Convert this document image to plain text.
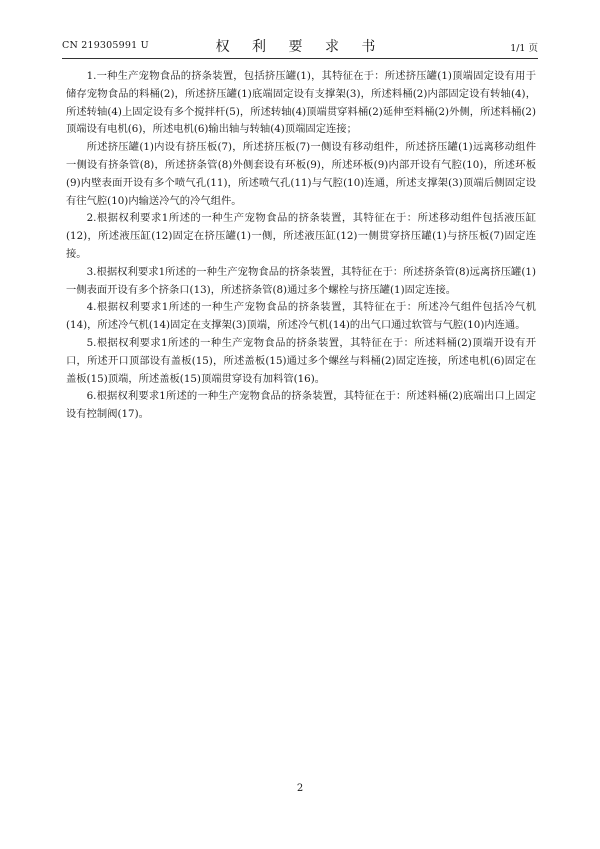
CN 219305991 U	权 利 要 求 书	1/1 页

1.一种生产宠物食品的挤条装置，包括挤压罐(1)，其特征在于：所述挤压罐(1)顶端固定设有用于储存宠物食品的料桶(2)，所述挤压罐(1)底端固定设有支撑架(3)，所述料桶(2)内部固定设有转轴(4)，所述转轴(4)上固定设有多个搅拌杆(5)，所述转轴(4)顶端贯穿料桶(2)延伸至料桶(2)外侧，所述料桶(2)顶端设有电机(6)，所述电机(6)输出轴与转轴(4)顶端固定连接；

所述挤压罐(1)内设有挤压板(7)，所述挤压板(7)一侧设有移动组件，所述挤压罐(1)远离移动组件一侧设有挤条管(8)，所述挤条管(8)外侧套设有环板(9)，所述环板(9)内部开设有气腔(10)，所述环板(9)内壁表面开设有多个喷气孔(11)，所述喷气孔(11)与气腔(10)连通，所述支撑架(3)顶端后侧固定设有往气腔(10)内输送冷气的冷气组件。

2.根据权利要求1所述的一种生产宠物食品的挤条装置，其特征在于：所述移动组件包括液压缸(12)，所述液压缸(12)固定在挤压罐(1)一侧，所述液压缸(12)一侧贯穿挤压罐(1)与挤压板(7)固定连接。

3.根据权利要求1所述的一种生产宠物食品的挤条装置，其特征在于：所述挤条管(8)远离挤压罐(1)一侧表面开设有多个挤条口(13)，所述挤条管(8)通过多个螺栓与挤压罐(1)固定连接。

4.根据权利要求1所述的一种生产宠物食品的挤条装置，其特征在于：所述冷气组件包括冷气机(14)，所述冷气机(14)固定在支撑架(3)顶端，所述冷气机(14)的出气口通过软管与气腔(10)内连通。

5.根据权利要求1所述的一种生产宠物食品的挤条装置，其特征在于：所述料桶(2)顶端开设有开口，所述开口顶部设有盖板(15)，所述盖板(15)通过多个螺丝与料桶(2)固定连接，所述电机(6)固定在盖板(15)顶端，所述盖板(15)顶端贯穿设有加料管(16)。

6.根据权利要求1所述的一种生产宠物食品的挤条装置，其特征在于：所述料桶(2)底端出口上固定设有控制阀(17)。

2
